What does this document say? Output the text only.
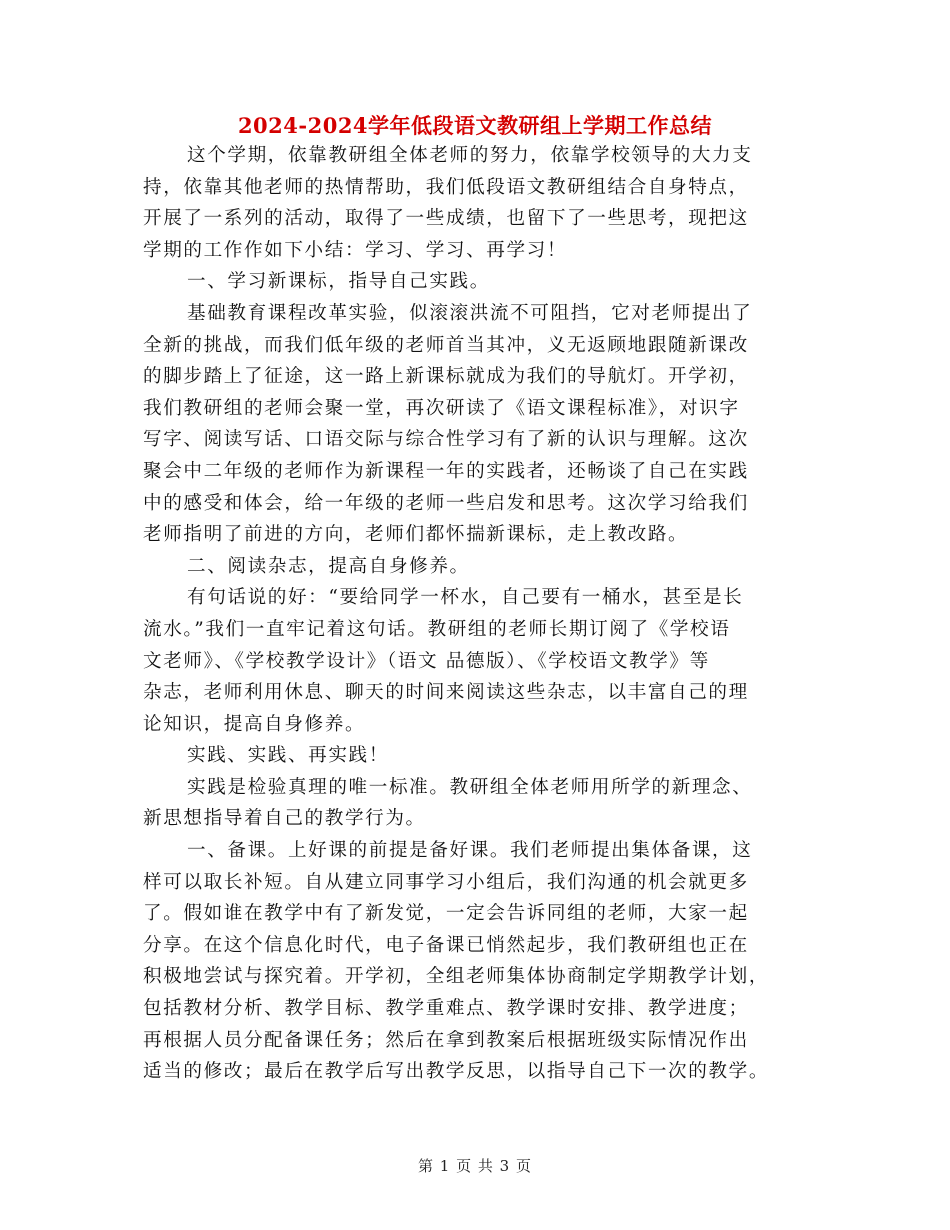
2024-2024学年低段语文教研组上学期工作总结
这个学期，依靠教研组全体老师的努力，依靠学校领导的大力支
持，依靠其他老师的热情帮助，我们低段语文教研组结合自身特点，
开展了一系列的活动，取得了一些成绩，也留下了一些思考，现把这
学期的工作作如下小结：学习、学习、再学习！
一、学习新课标，指导自己实践。
基础教育课程改革实验，似滚滚洪流不可阻挡，它对老师提出了
全新的挑战，而我们低年级的老师首当其冲，义无返顾地跟随新课改
的脚步踏上了征途，这一路上新课标就成为我们的导航灯。开学初，
我们教研组的老师会聚一堂，再次研读了《语文课程标准》，对识字
写字、阅读写话、口语交际与综合性学习有了新的认识与理解。这次
聚会中二年级的老师作为新课程一年的实践者，还畅谈了自己在实践
中的感受和体会，给一年级的老师一些启发和思考。这次学习给我们
老师指明了前进的方向，老师们都怀揣新课标，走上教改路。
二、阅读杂志，提高自身修养。
有句话说的好：“要给同学一杯水，自己要有一桶水，甚至是长
流水。”我们一直牢记着这句话。教研组的老师长期订阅了《学校语
文老师》、《学校教学设计》（语文 品德版）、《学校语文教学》等
杂志，老师利用休息、聊天的时间来阅读这些杂志，以丰富自己的理
论知识，提高自身修养。
实践、实践、再实践！
实践是检验真理的唯一标准。教研组全体老师用所学的新理念、
新思想指导着自己的教学行为。
一、备课。上好课的前提是备好课。我们老师提出集体备课，这
样可以取长补短。自从建立同事学习小组后，我们沟通的机会就更多
了。假如谁在教学中有了新发觉，一定会告诉同组的老师，大家一起
分享。在这个信息化时代，电子备课已悄然起步，我们教研组也正在
积极地尝试与探究着。开学初，全组老师集体协商制定学期教学计划，
包括教材分析、教学目标、教学重难点、教学课时安排、教学进度；
再根据人员分配备课任务；然后在拿到教案后根据班级实际情况作出
适当的修改；最后在教学后写出教学反思，以指导自己下一次的教学。
第 1 页 共 3 页
